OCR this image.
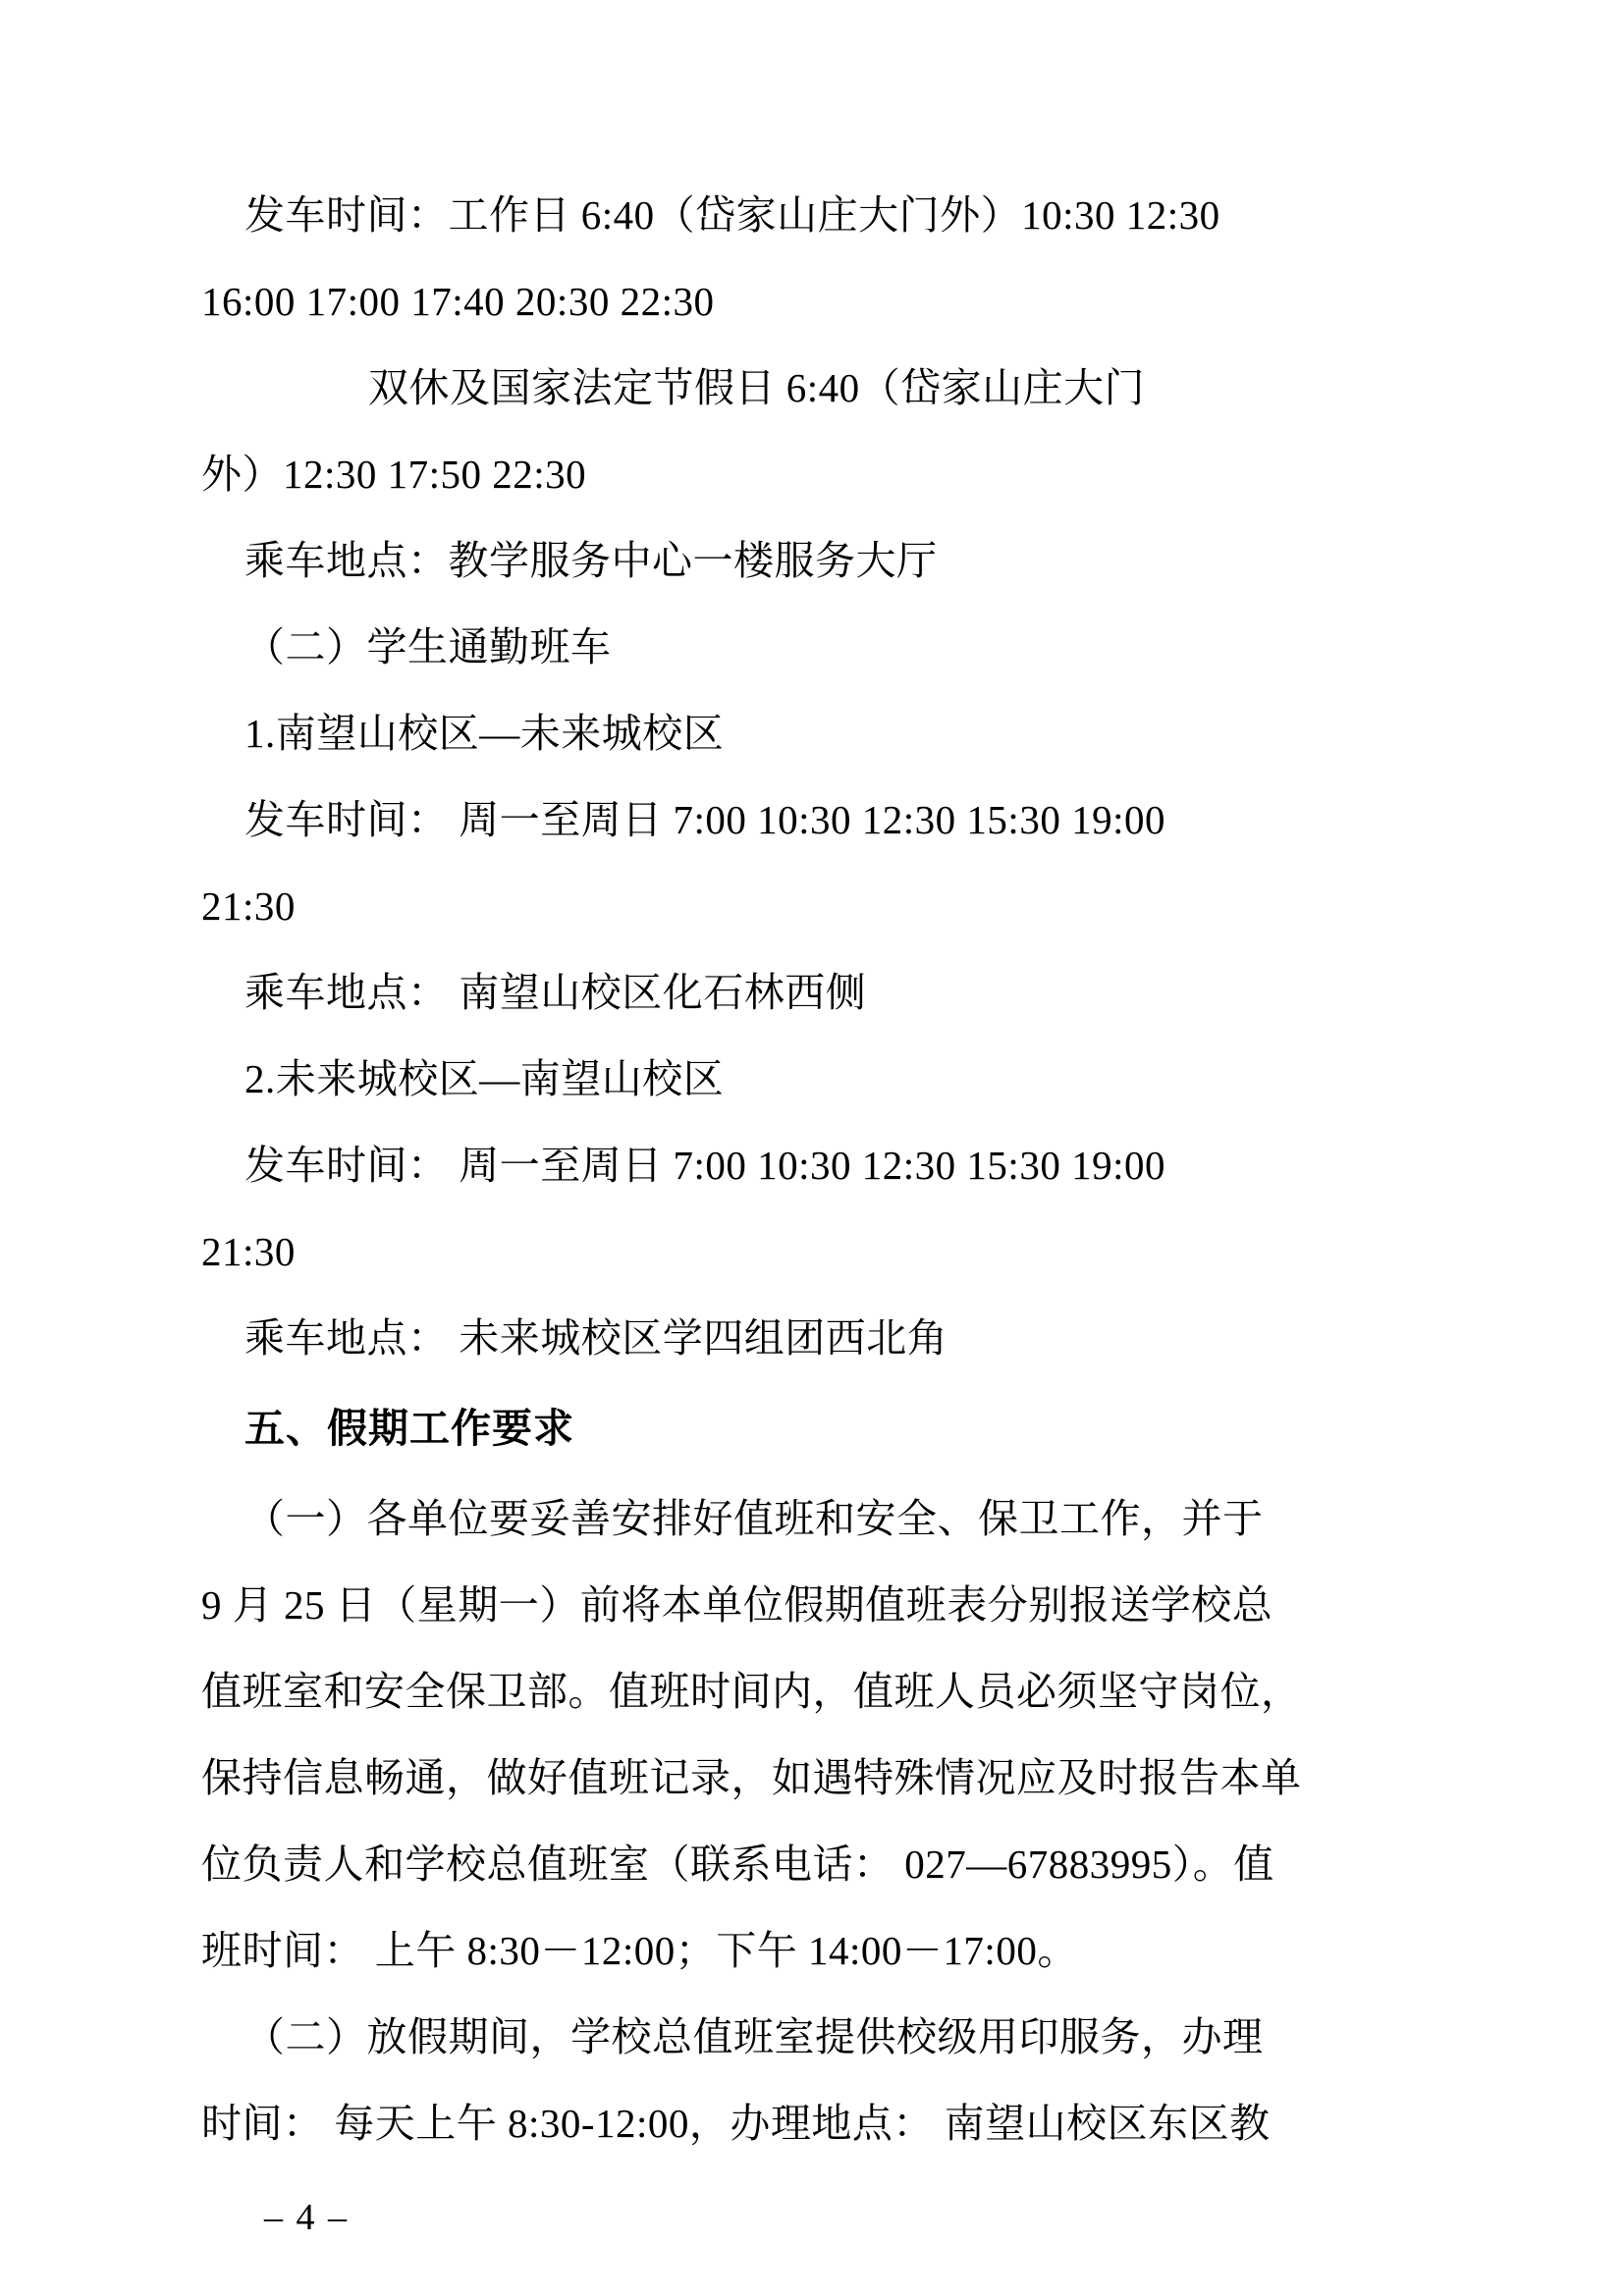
发车时间：工作日 6:40（岱家山庄大门外）10:30 12:30

16:00 17:00 17:40 20:30 22:30

双休及国家法定节假日 6:40（岱家山庄大门

外）12:30 17:50 22:30

乘车地点：教学服务中心一楼服务大厅

（二）学生通勤班车

1.南望山校区—未来城校区

发车时间： 周一至周日 7:00 10:30 12:30 15:30 19:00

21:30

乘车地点： 南望山校区化石林西侧

2.未来城校区—南望山校区

发车时间： 周一至周日 7:00 10:30 12:30 15:30 19:00

21:30

乘车地点： 未来城校区学四组团西北角

五、假期工作要求

（一）各单位要妥善安排好值班和安全、保卫工作，并于

9 月 25 日（星期一）前将本单位假期值班表分别报送学校总

值班室和安全保卫部。值班时间内，值班人员必须坚守岗位，

保持信息畅通，做好值班记录，如遇特殊情况应及时报告本单

位负责人和学校总值班室（联系电话： 027—67883995）。值

班时间： 上午 8:30－12:00；下午 14:00－17:00。

（二）放假期间，学校总值班室提供校级用印服务，办理

时间： 每天上午 8:30-12:00，办理地点： 南望山校区东区教

– 4 –
